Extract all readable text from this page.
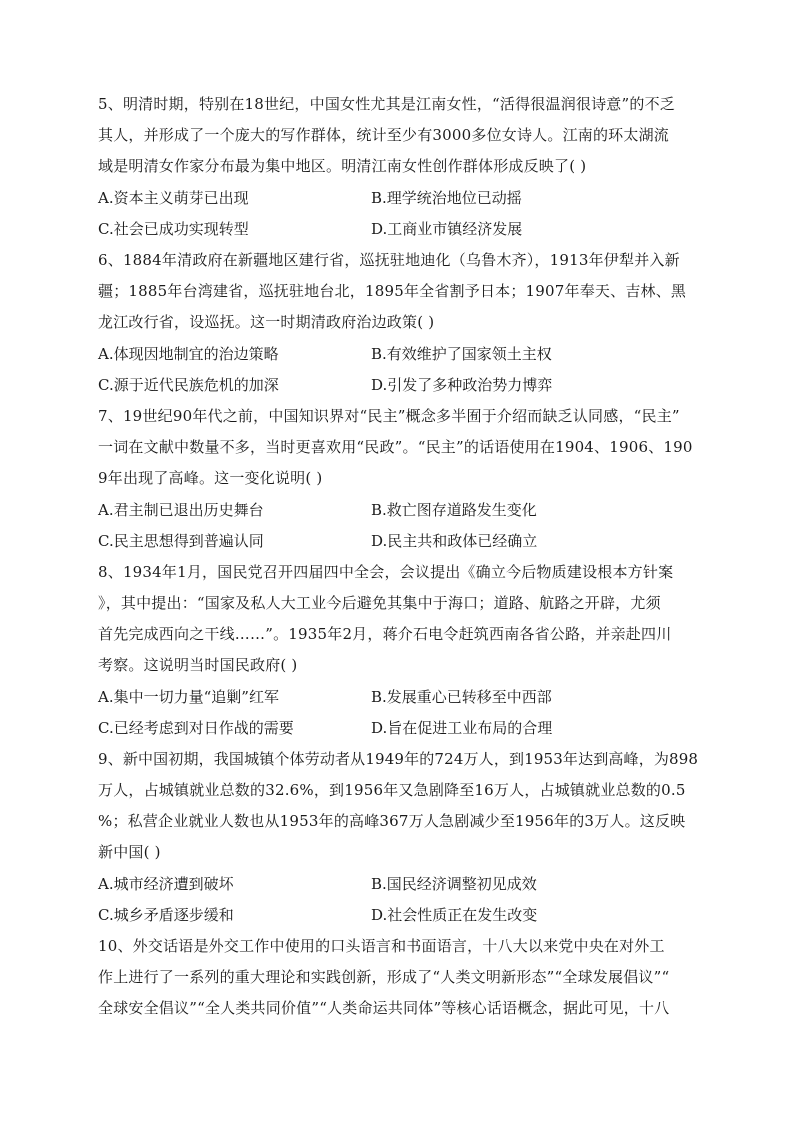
5、明清时期，特别在18世纪，中国女性尤其是江南女性，“活得很温润很诗意”的不乏
其人，并形成了一个庞大的写作群体，统计至少有3000多位女诗人。江南的环太湖流
域是明清女作家分布最为集中地区。明清江南女性创作群体形成反映了( )
A.资本主义萌芽已出现	B.理学统治地位已动摇
C.社会已成功实现转型	D.工商业市镇经济发展
6、1884年清政府在新疆地区建行省，巡抚驻地迪化（乌鲁木齐），1913年伊犁并入新
疆；1885年台湾建省，巡抚驻地台北，1895年全省割予日本；1907年奉天、吉林、黑
龙江改行省，设巡抚。这一时期清政府治边政策( )
A.体现因地制宜的治边策略	B.有效维护了国家领土主权
C.源于近代民族危机的加深	D.引发了多种政治势力博弈
7、19世纪90年代之前，中国知识界对“民主”概念多半囿于介绍而缺乏认同感，“民主”
一词在文献中数量不多，当时更喜欢用“民政”。“民主”的话语使用在1904、1906、190
9年出现了高峰。这一变化说明( )
A.君主制已退出历史舞台	B.救亡图存道路发生变化
C.民主思想得到普遍认同	D.民主共和政体已经确立
8、1934年1月，国民党召开四届四中全会，会议提出《确立今后物质建设根本方针案
》，其中提出：“国家及私人大工业今后避免其集中于海口；道路、航路之开辟，尤须
首先完成西向之干线……”。1935年2月，蒋介石电令赶筑西南各省公路，并亲赴四川
考察。这说明当时国民政府( )
A.集中一切力量“追剿”红军	B.发展重心已转移至中西部
C.已经考虑到对日作战的需要	D.旨在促进工业布局的合理
9、新中国初期，我国城镇个体劳动者从1949年的724万人，到1953年达到高峰，为898
万人，占城镇就业总数的32.6%，到1956年又急剧降至16万人，占城镇就业总数的0.5
%；私营企业就业人数也从1953年的高峰367万人急剧减少至1956年的3万人。这反映
新中国( )
A.城市经济遭到破坏	B.国民经济调整初见成效
C.城乡矛盾逐步缓和	D.社会性质正在发生改变
10、外交话语是外交工作中使用的口头语言和书面语言，十八大以来党中央在对外工
作上进行了一系列的重大理论和实践创新，形成了“人类文明新形态”“全球发展倡议”“
全球安全倡议”“全人类共同价值”“人类命运共同体”等核心话语概念，据此可见，十八
